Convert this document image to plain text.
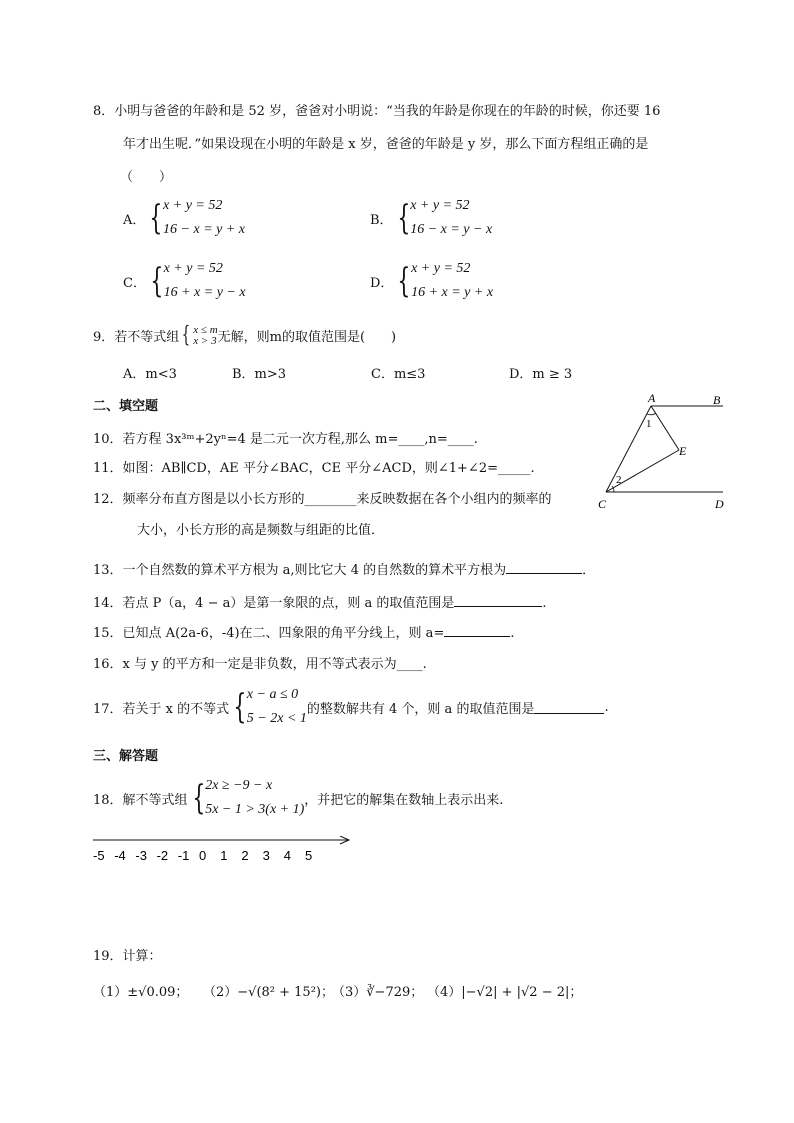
8．小明与爸爸的年龄和是 52 岁，爸爸对小明说：“当我的年龄是你现在的年龄的时候，你还要 16
年才出生呢．”如果设现在小明的年龄是 x 岁，爸爸的年龄是 y 岁，那么下面方程组正确的是
（　　）
A． { x + y = 52
16 − x = y + x
B． { x + y = 52
16 − x = y − x
C． { x + y = 52
16 + x = y − x
D． { x + y = 52
16 + x = y + x
9．若不等式组 { x ≤ m
x > 3 无解，则m的取值范围是(　　)
A．m<3	B．m>3	C．m≤3	D．m ≥ 3
二、填空题
10．若方程 3x³ᵐ+2yⁿ=4 是二元一次方程,那么 m=____,n=____.
11．如图：AB∥CD，AE 平分∠BAC，CE 平分∠ACD，则∠1+∠2=_____.
12．频率分布直方图是以小长方形的________来反映数据在各个小组内的频率的
大小，小长方形的高是频数与组距的比值．
A	B
C	D
E
1
2
13．一个自然数的算术平方根为 a,则比它大 4 的自然数的算术平方根为	．
14．若点 P（a，4 − a）是第一象限的点，则 a 的取值范围是	.
15．已知点 A(2a-6，-4)在二、四象限的角平分线上，则 a=	.
16．x 与 y 的平方和一定是非负数，用不等式表示为____.
17．若关于 x 的不等式 { x − a ≤ 0
5 − 2x < 1
的整数解共有 4 个，则 a 的取值范围是	.
三、解答题
18．解不等式组 { 2x ≥ −9 − x
5x − 1 > 3(x + 1)
，并把它的解集在数轴上表示出来.
-5 -4 -3 -2 -1 0 1 2 3 4 5
19．计算：
（1）±√0.09； （2）−√(8² + 15²)；
（3）∛−729； （4）|−√2| + |√2 − 2|；
